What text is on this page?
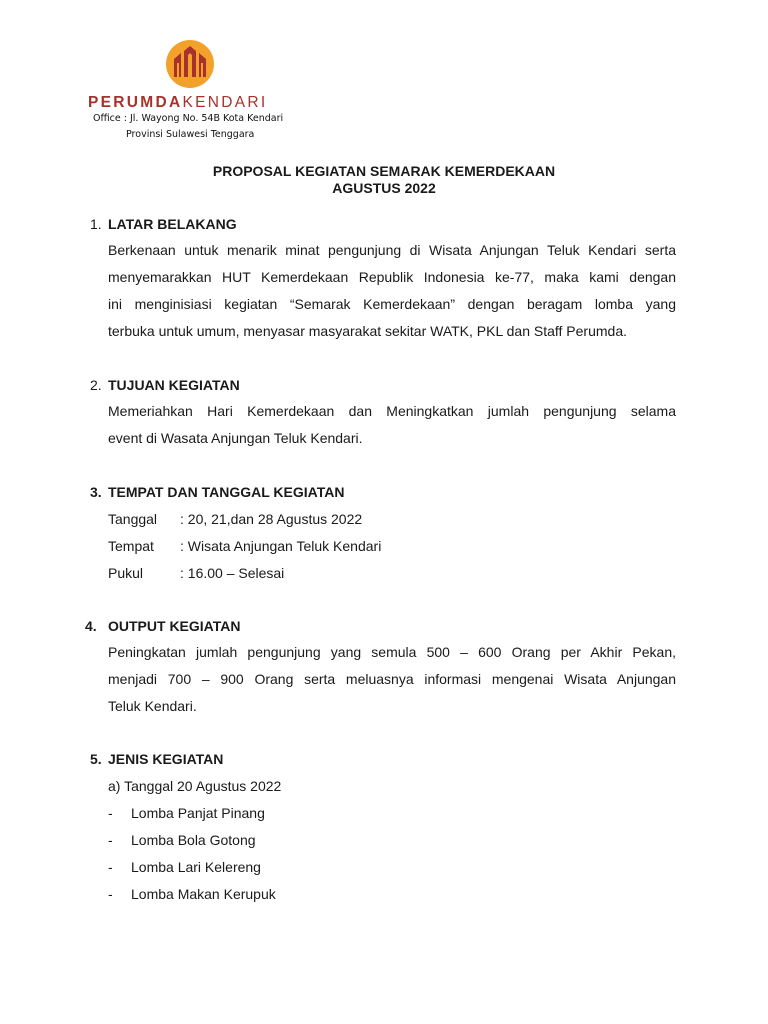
PERUMDAKENDARI
Office : Jl. Wayong No. 54B Kota Kendari
Provinsi Sulawesi Tenggara
PROPOSAL KEGIATAN SEMARAK KEMERDEKAAN
AGUSTUS 2022
1. LATAR BELAKANG
Berkenaan untuk menarik minat pengunjung di Wisata Anjungan Teluk Kendari serta
menyemarakkan HUT Kemerdekaan Republik Indonesia ke-77, maka kami dengan
ini menginisiasi kegiatan “Semarak Kemerdekaan” dengan beragam lomba yang
terbuka untuk umum, menyasar masyarakat sekitar WATK, PKL dan Staff Perumda.
2. TUJUAN KEGIATAN
Memeriahkan Hari Kemerdekaan dan Meningkatkan jumlah pengunjung selama
event di Wasata Anjungan Teluk Kendari.
3. TEMPAT DAN TANGGAL KEGIATAN
Tanggal : 20, 21,dan 28 Agustus 2022
Tempat : Wisata Anjungan Teluk Kendari
Pukul	: 16.00 – Selesai
4. OUTPUT KEGIATAN
Peningkatan jumlah pengunjung yang semula 500 – 600 Orang per Akhir Pekan,
menjadi 700 – 900 Orang serta meluasnya informasi mengenai Wisata Anjungan
Teluk Kendari.
5. JENIS KEGIATAN
a) Tanggal 20 Agustus 2022
- Lomba Panjat Pinang
- Lomba Bola Gotong
- Lomba Lari Kelereng
- Lomba Makan Kerupuk
